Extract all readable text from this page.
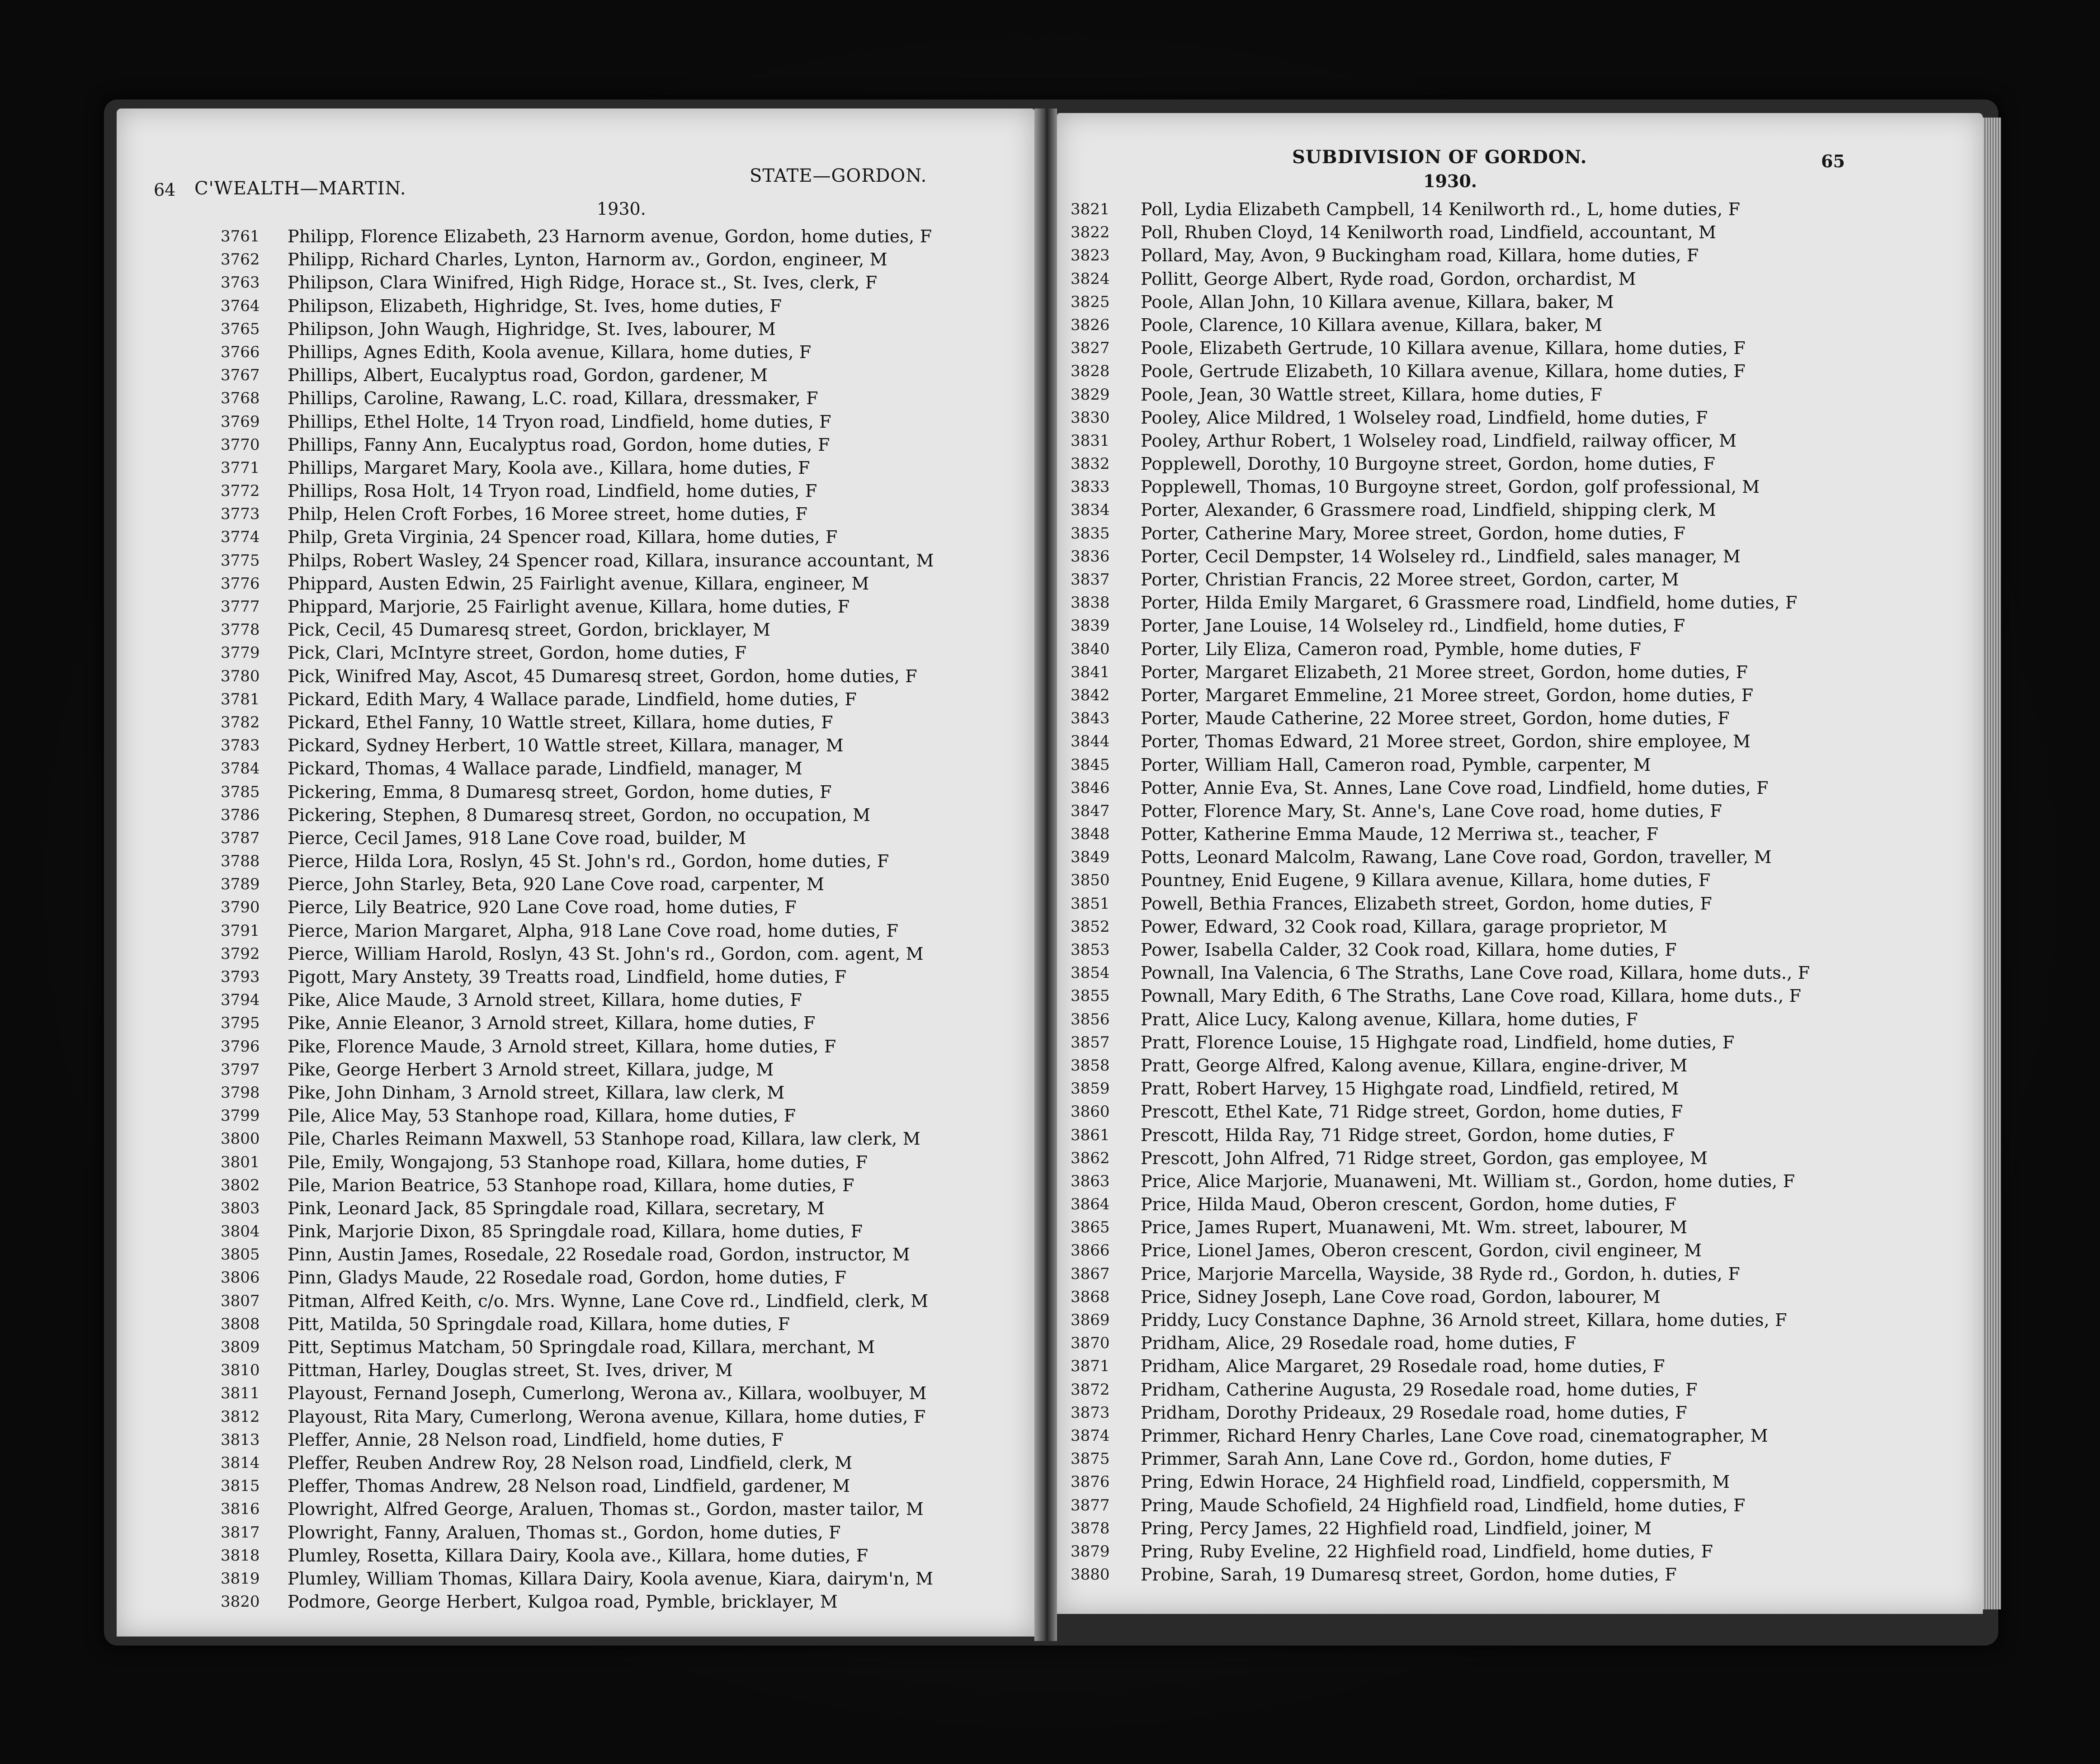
64 C'WEALTH—MARTIN.
STATE—GORDON.
1930.
3761 Philipp, Florence Elizabeth, 23 Harnorm avenue, Gordon, home duties, F
3762 Philipp, Richard Charles, Lynton, Harnorm av., Gordon, engineer, M
3763 Philipson, Clara Winifred, High Ridge, Horace st., St. Ives, clerk, F
3764 Philipson, Elizabeth, Highridge, St. Ives, home duties, F
3765 Philipson, John Waugh, Highridge, St. Ives, labourer, M
3766 Phillips, Agnes Edith, Koola avenue, Killara, home duties, F
3767 Phillips, Albert, Eucalyptus road, Gordon, gardener, M
3768 Phillips, Caroline, Rawang, L.C. road, Killara, dressmaker, F
3769 Phillips, Ethel Holte, 14 Tryon road, Lindfield, home duties, F
3770 Phillips, Fanny Ann, Eucalyptus road, Gordon, home duties, F
3771 Phillips, Margaret Mary, Koola ave., Killara, home duties, F
3772 Phillips, Rosa Holt, 14 Tryon road, Lindfield, home duties, F
3773 Philp, Helen Croft Forbes, 16 Moree street, home duties, F
3774 Philp, Greta Virginia, 24 Spencer road, Killara, home duties, F
3775 Philps, Robert Wasley, 24 Spencer road, Killara, insurance accountant, M
3776 Phippard, Austen Edwin, 25 Fairlight avenue, Killara, engineer, M
3777 Phippard, Marjorie, 25 Fairlight avenue, Killara, home duties, F
3778 Pick, Cecil, 45 Dumaresq street, Gordon, bricklayer, M
3779 Pick, Clari, McIntyre street, Gordon, home duties, F
3780 Pick, Winifred May, Ascot, 45 Dumaresq street, Gordon, home duties, F
3781 Pickard, Edith Mary, 4 Wallace parade, Lindfield, home duties, F
3782 Pickard, Ethel Fanny, 10 Wattle street, Killara, home duties, F
3783 Pickard, Sydney Herbert, 10 Wattle street, Killara, manager, M
3784 Pickard, Thomas, 4 Wallace parade, Lindfield, manager, M
3785 Pickering, Emma, 8 Dumaresq street, Gordon, home duties, F
3786 Pickering, Stephen, 8 Dumaresq street, Gordon, no occupation, M
3787 Pierce, Cecil James, 918 Lane Cove road, builder, M
3788 Pierce, Hilda Lora, Roslyn, 45 St. John's rd., Gordon, home duties, F
3789 Pierce, John Starley, Beta, 920 Lane Cove road, carpenter, M
3790 Pierce, Lily Beatrice, 920 Lane Cove road, home duties, F
3791 Pierce, Marion Margaret, Alpha, 918 Lane Cove road, home duties, F
3792 Pierce, William Harold, Roslyn, 43 St. John's rd., Gordon, com. agent, M
3793 Pigott, Mary Anstety, 39 Treatts road, Lindfield, home duties, F
3794 Pike, Alice Maude, 3 Arnold street, Killara, home duties, F
3795 Pike, Annie Eleanor, 3 Arnold street, Killara, home duties, F
3796 Pike, Florence Maude, 3 Arnold street, Killara, home duties, F
3797 Pike, George Herbert 3 Arnold street, Killara, judge, M
3798 Pike, John Dinham, 3 Arnold street, Killara, law clerk, M
3799 Pile, Alice May, 53 Stanhope road, Killara, home duties, F
3800 Pile, Charles Reimann Maxwell, 53 Stanhope road, Killara, law clerk, M
3801 Pile, Emily, Wongajong, 53 Stanhope road, Killara, home duties, F
3802 Pile, Marion Beatrice, 53 Stanhope road, Killara, home duties, F
3803 Pink, Leonard Jack, 85 Springdale road, Killara, secretary, M
3804 Pink, Marjorie Dixon, 85 Springdale road, Killara, home duties, F
3805 Pinn, Austin James, Rosedale, 22 Rosedale road, Gordon, instructor, M
3806 Pinn, Gladys Maude, 22 Rosedale road, Gordon, home duties, F
3807 Pitman, Alfred Keith, c/o. Mrs. Wynne, Lane Cove rd., Lindfield, clerk, M
3808 Pitt, Matilda, 50 Springdale road, Killara, home duties, F
3809 Pitt, Septimus Matcham, 50 Springdale road, Killara, merchant, M
3810 Pittman, Harley, Douglas street, St. Ives, driver, M
3811 Playoust, Fernand Joseph, Cumerlong, Werona av., Killara, woolbuyer, M
3812 Playoust, Rita Mary, Cumerlong, Werona avenue, Killara, home duties, F
3813 Pleffer, Annie, 28 Nelson road, Lindfield, home duties, F
3814 Pleffer, Reuben Andrew Roy, 28 Nelson road, Lindfield, clerk, M
3815 Pleffer, Thomas Andrew, 28 Nelson road, Lindfield, gardener, M
3816 Plowright, Alfred George, Araluen, Thomas st., Gordon, master tailor, M
3817 Plowright, Fanny, Araluen, Thomas st., Gordon, home duties, F
3818 Plumley, Rosetta, Killara Dairy, Koola ave., Killara, home duties, F
3819 Plumley, William Thomas, Killara Dairy, Koola avenue, Kiara, dairym'n, M
3820 Podmore, George Herbert, Kulgoa road, Pymble, bricklayer, M
SUBDIVISION OF GORDON.	65
1930.
3821 Poll, Lydia Elizabeth Campbell, 14 Kenilworth rd., L, home duties, F
3822 Poll, Rhuben Cloyd, 14 Kenilworth road, Lindfield, accountant, M
3823 Pollard, May, Avon, 9 Buckingham road, Killara, home duties, F
3824 Pollitt, George Albert, Ryde road, Gordon, orchardist, M
3825 Poole, Allan John, 10 Killara avenue, Killara, baker, M
3826 Poole, Clarence, 10 Killara avenue, Killara, baker, M
3827 Poole, Elizabeth Gertrude, 10 Killara avenue, Killara, home duties, F
3828 Poole, Gertrude Elizabeth, 10 Killara avenue, Killara, home duties, F
3829 Poole, Jean, 30 Wattle street, Killara, home duties, F
3830 Pooley, Alice Mildred, 1 Wolseley road, Lindfield, home duties, F
3831 Pooley, Arthur Robert, 1 Wolseley road, Lindfield, railway officer, M
3832 Popplewell, Dorothy, 10 Burgoyne street, Gordon, home duties, F
3833 Popplewell, Thomas, 10 Burgoyne street, Gordon, golf professional, M
3834 Porter, Alexander, 6 Grassmere road, Lindfield, shipping clerk, M
3835 Porter, Catherine Mary, Moree street, Gordon, home duties, F
3836 Porter, Cecil Dempster, 14 Wolseley rd., Lindfield, sales manager, M
3837 Porter, Christian Francis, 22 Moree street, Gordon, carter, M
3838 Porter, Hilda Emily Margaret, 6 Grassmere road, Lindfield, home duties, F
3839 Porter, Jane Louise, 14 Wolseley rd., Lindfield, home duties, F
3840 Porter, Lily Eliza, Cameron road, Pymble, home duties, F
3841 Porter, Margaret Elizabeth, 21 Moree street, Gordon, home duties, F
3842 Porter, Margaret Emmeline, 21 Moree street, Gordon, home duties, F
3843 Porter, Maude Catherine, 22 Moree street, Gordon, home duties, F
3844 Porter, Thomas Edward, 21 Moree street, Gordon, shire employee, M
3845 Porter, William Hall, Cameron road, Pymble, carpenter, M
3846 Potter, Annie Eva, St. Annes, Lane Cove road, Lindfield, home duties, F
3847 Potter, Florence Mary, St. Anne's, Lane Cove road, home duties, F
3848 Potter, Katherine Emma Maude, 12 Merriwa st., teacher, F
3849 Potts, Leonard Malcolm, Rawang, Lane Cove road, Gordon, traveller, M
3850 Pountney, Enid Eugene, 9 Killara avenue, Killara, home duties, F
3851 Powell, Bethia Frances, Elizabeth street, Gordon, home duties, F
3852 Power, Edward, 32 Cook road, Killara, garage proprietor, M
3853 Power, Isabella Calder, 32 Cook road, Killara, home duties, F
3854 Pownall, Ina Valencia, 6 The Straths, Lane Cove road, Killara, home duts., F
3855 Pownall, Mary Edith, 6 The Straths, Lane Cove road, Killara, home duts., F
3856 Pratt, Alice Lucy, Kalong avenue, Killara, home duties, F
3857 Pratt, Florence Louise, 15 Highgate road, Lindfield, home duties, F
3858 Pratt, George Alfred, Kalong avenue, Killara, engine-driver, M
3859 Pratt, Robert Harvey, 15 Highgate road, Lindfield, retired, M
3860 Prescott, Ethel Kate, 71 Ridge street, Gordon, home duties, F
3861 Prescott, Hilda Ray, 71 Ridge street, Gordon, home duties, F
3862 Prescott, John Alfred, 71 Ridge street, Gordon, gas employee, M
3863 Price, Alice Marjorie, Muanaweni, Mt. William st., Gordon, home duties, F
3864 Price, Hilda Maud, Oberon crescent, Gordon, home duties, F
3865 Price, James Rupert, Muanaweni, Mt. Wm. street, labourer, M
3866 Price, Lionel James, Oberon crescent, Gordon, civil engineer, M
3867 Price, Marjorie Marcella, Wayside, 38 Ryde rd., Gordon, h. duties, F
3868 Price, Sidney Joseph, Lane Cove road, Gordon, labourer, M
3869 Priddy, Lucy Constance Daphne, 36 Arnold street, Killara, home duties, F
3870 Pridham, Alice, 29 Rosedale road, home duties, F
3871 Pridham, Alice Margaret, 29 Rosedale road, home duties, F
3872 Pridham, Catherine Augusta, 29 Rosedale road, home duties, F
3873 Pridham, Dorothy Prideaux, 29 Rosedale road, home duties, F
3874 Primmer, Richard Henry Charles, Lane Cove road, cinematographer, M
3875 Primmer, Sarah Ann, Lane Cove rd., Gordon, home duties, F
3876 Pring, Edwin Horace, 24 Highfield road, Lindfield, coppersmith, M
3877 Pring, Maude Schofield, 24 Highfield road, Lindfield, home duties, F
3878 Pring, Percy James, 22 Highfield road, Lindfield, joiner, M
3879 Pring, Ruby Eveline, 22 Highfield road, Lindfield, home duties, F
3880 Probine, Sarah, 19 Dumaresq street, Gordon, home duties, F
